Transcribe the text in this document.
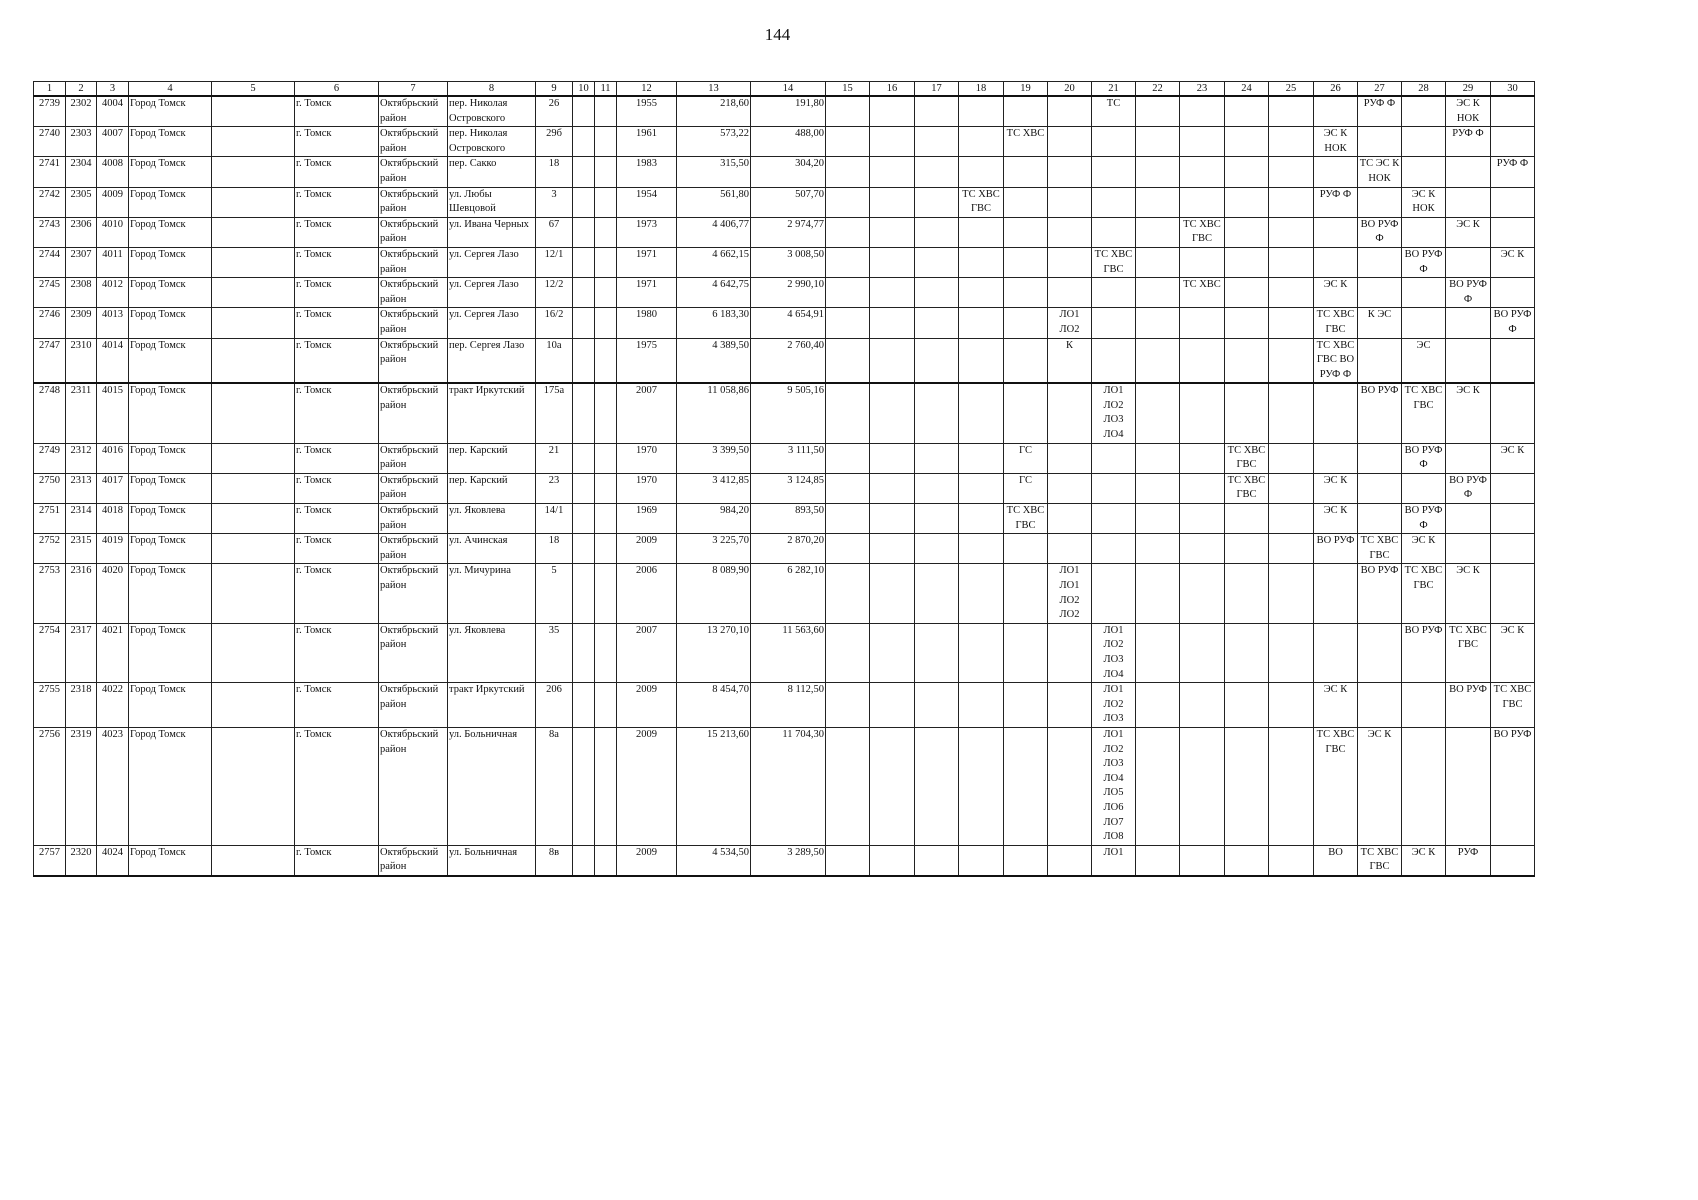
144
1	2	3	4	5	6	7	8	9	10	11	12	13	14	15	16	17	18	19	20	21	22	23	24	25	26	27	28	29	30
2739	2302	4004	Город Томск		г. Томск	Октябрьский район	пер. Николая Островского	26			1955	218,60	191,80							ТС						РУФ Ф		ЭС К НОК	
2740	2303	4007	Город Томск		г. Томск	Октябрьский район	пер. Николая Островского	29б			1961	573,22	488,00					ТС ХВС							ЭС К НОК			РУФ Ф	
2741	2304	4008	Город Томск		г. Томск	Октябрьский район	пер. Сакко	18			1983	315,50	304,20													ТС ЭС К НОК			РУФ Ф
2742	2305	4009	Город Томск		г. Томск	Октябрьский район	ул. Любы Шевцовой	3			1954	561,80	507,70				ТС ХВС ГВС								РУФ Ф		ЭС К НОК		
2743	2306	4010	Город Томск		г. Томск	Октябрьский район	ул. Ивана Черных	67			1973	4 406,77	2 974,77									ТС ХВС ГВС				ВО РУФ Ф		ЭС К	
2744	2307	4011	Город Томск		г. Томск	Октябрьский район	ул. Сергея Лазо	12/1			1971	4 662,15	3 008,50							ТС ХВС ГВС							ВО РУФ Ф		ЭС К
2745	2308	4012	Город Томск		г. Томск	Октябрьский район	ул. Сергея Лазо	12/2			1971	4 642,75	2 990,10									ТС ХВС			ЭС К			ВО РУФ Ф	
2746	2309	4013	Город Томск		г. Томск	Октябрьский район	ул. Сергея Лазо	16/2			1980	6 183,30	4 654,91						ЛО1 ЛО2						ТС ХВС ГВС	К ЭС			ВО РУФ Ф
2747	2310	4014	Город Томск		г. Томск	Октябрьский район	пер. Сергея Лазо	10а			1975	4 389,50	2 760,40						К						ТС ХВС ГВС ВО РУФ Ф		ЭС		
2748	2311	4015	Город Томск		г. Томск	Октябрьский район	тракт Иркутский	175а			2007	11 058,86	9 505,16							ЛО1 ЛО2 ЛО3 ЛО4						ВО РУФ	ТС ХВС ГВС	ЭС К	
2749	2312	4016	Город Томск		г. Томск	Октябрьский район	пер. Карский	21			1970	3 399,50	3 111,50					ГС					ТС ХВС ГВС				ВО РУФ Ф		ЭС К
2750	2313	4017	Город Томск		г. Томск	Октябрьский район	пер. Карский	23			1970	3 412,85	3 124,85					ГС					ТС ХВС ГВС		ЭС К			ВО РУФ Ф	
2751	2314	4018	Город Томск		г. Томск	Октябрьский район	ул. Яковлева	14/1			1969	984,20	893,50					ТС ХВС ГВС							ЭС К		ВО РУФ Ф		
2752	2315	4019	Город Томск		г. Томск	Октябрьский район	ул. Ачинская	18			2009	3 225,70	2 870,20												ВО РУФ	ТС ХВС ГВС	ЭС К		
2753	2316	4020	Город Томск		г. Томск	Октябрьский район	ул. Мичурина	5			2006	8 089,90	6 282,10						ЛО1 ЛО1 ЛО2 ЛО2							ВО РУФ	ТС ХВС ГВС	ЭС К	
2754	2317	4021	Город Томск		г. Томск	Октябрьский район	ул. Яковлева	35			2007	13 270,10	11 563,60							ЛО1 ЛО2 ЛО3 ЛО4							ВО РУФ	ТС ХВС ГВС	ЭС К
2755	2318	4022	Город Томск		г. Томск	Октябрьский район	тракт Иркутский	206			2009	8 454,70	8 112,50							ЛО1 ЛО2 ЛО3					ЭС К			ВО РУФ	ТС ХВС ГВС
2756	2319	4023	Город Томск		г. Томск	Октябрьский район	ул. Больничная	8а			2009	15 213,60	11 704,30							ЛО1 ЛО2 ЛО3 ЛО4 ЛО5 ЛО6 ЛО7 ЛО8					ТС ХВС ГВС	ЭС К			ВО РУФ
2757	2320	4024	Город Томск		г. Томск	Октябрьский район	ул. Больничная	8в			2009	4 534,50	3 289,50							ЛО1					ВО	ТС ХВС ГВС	ЭС К	РУФ	
